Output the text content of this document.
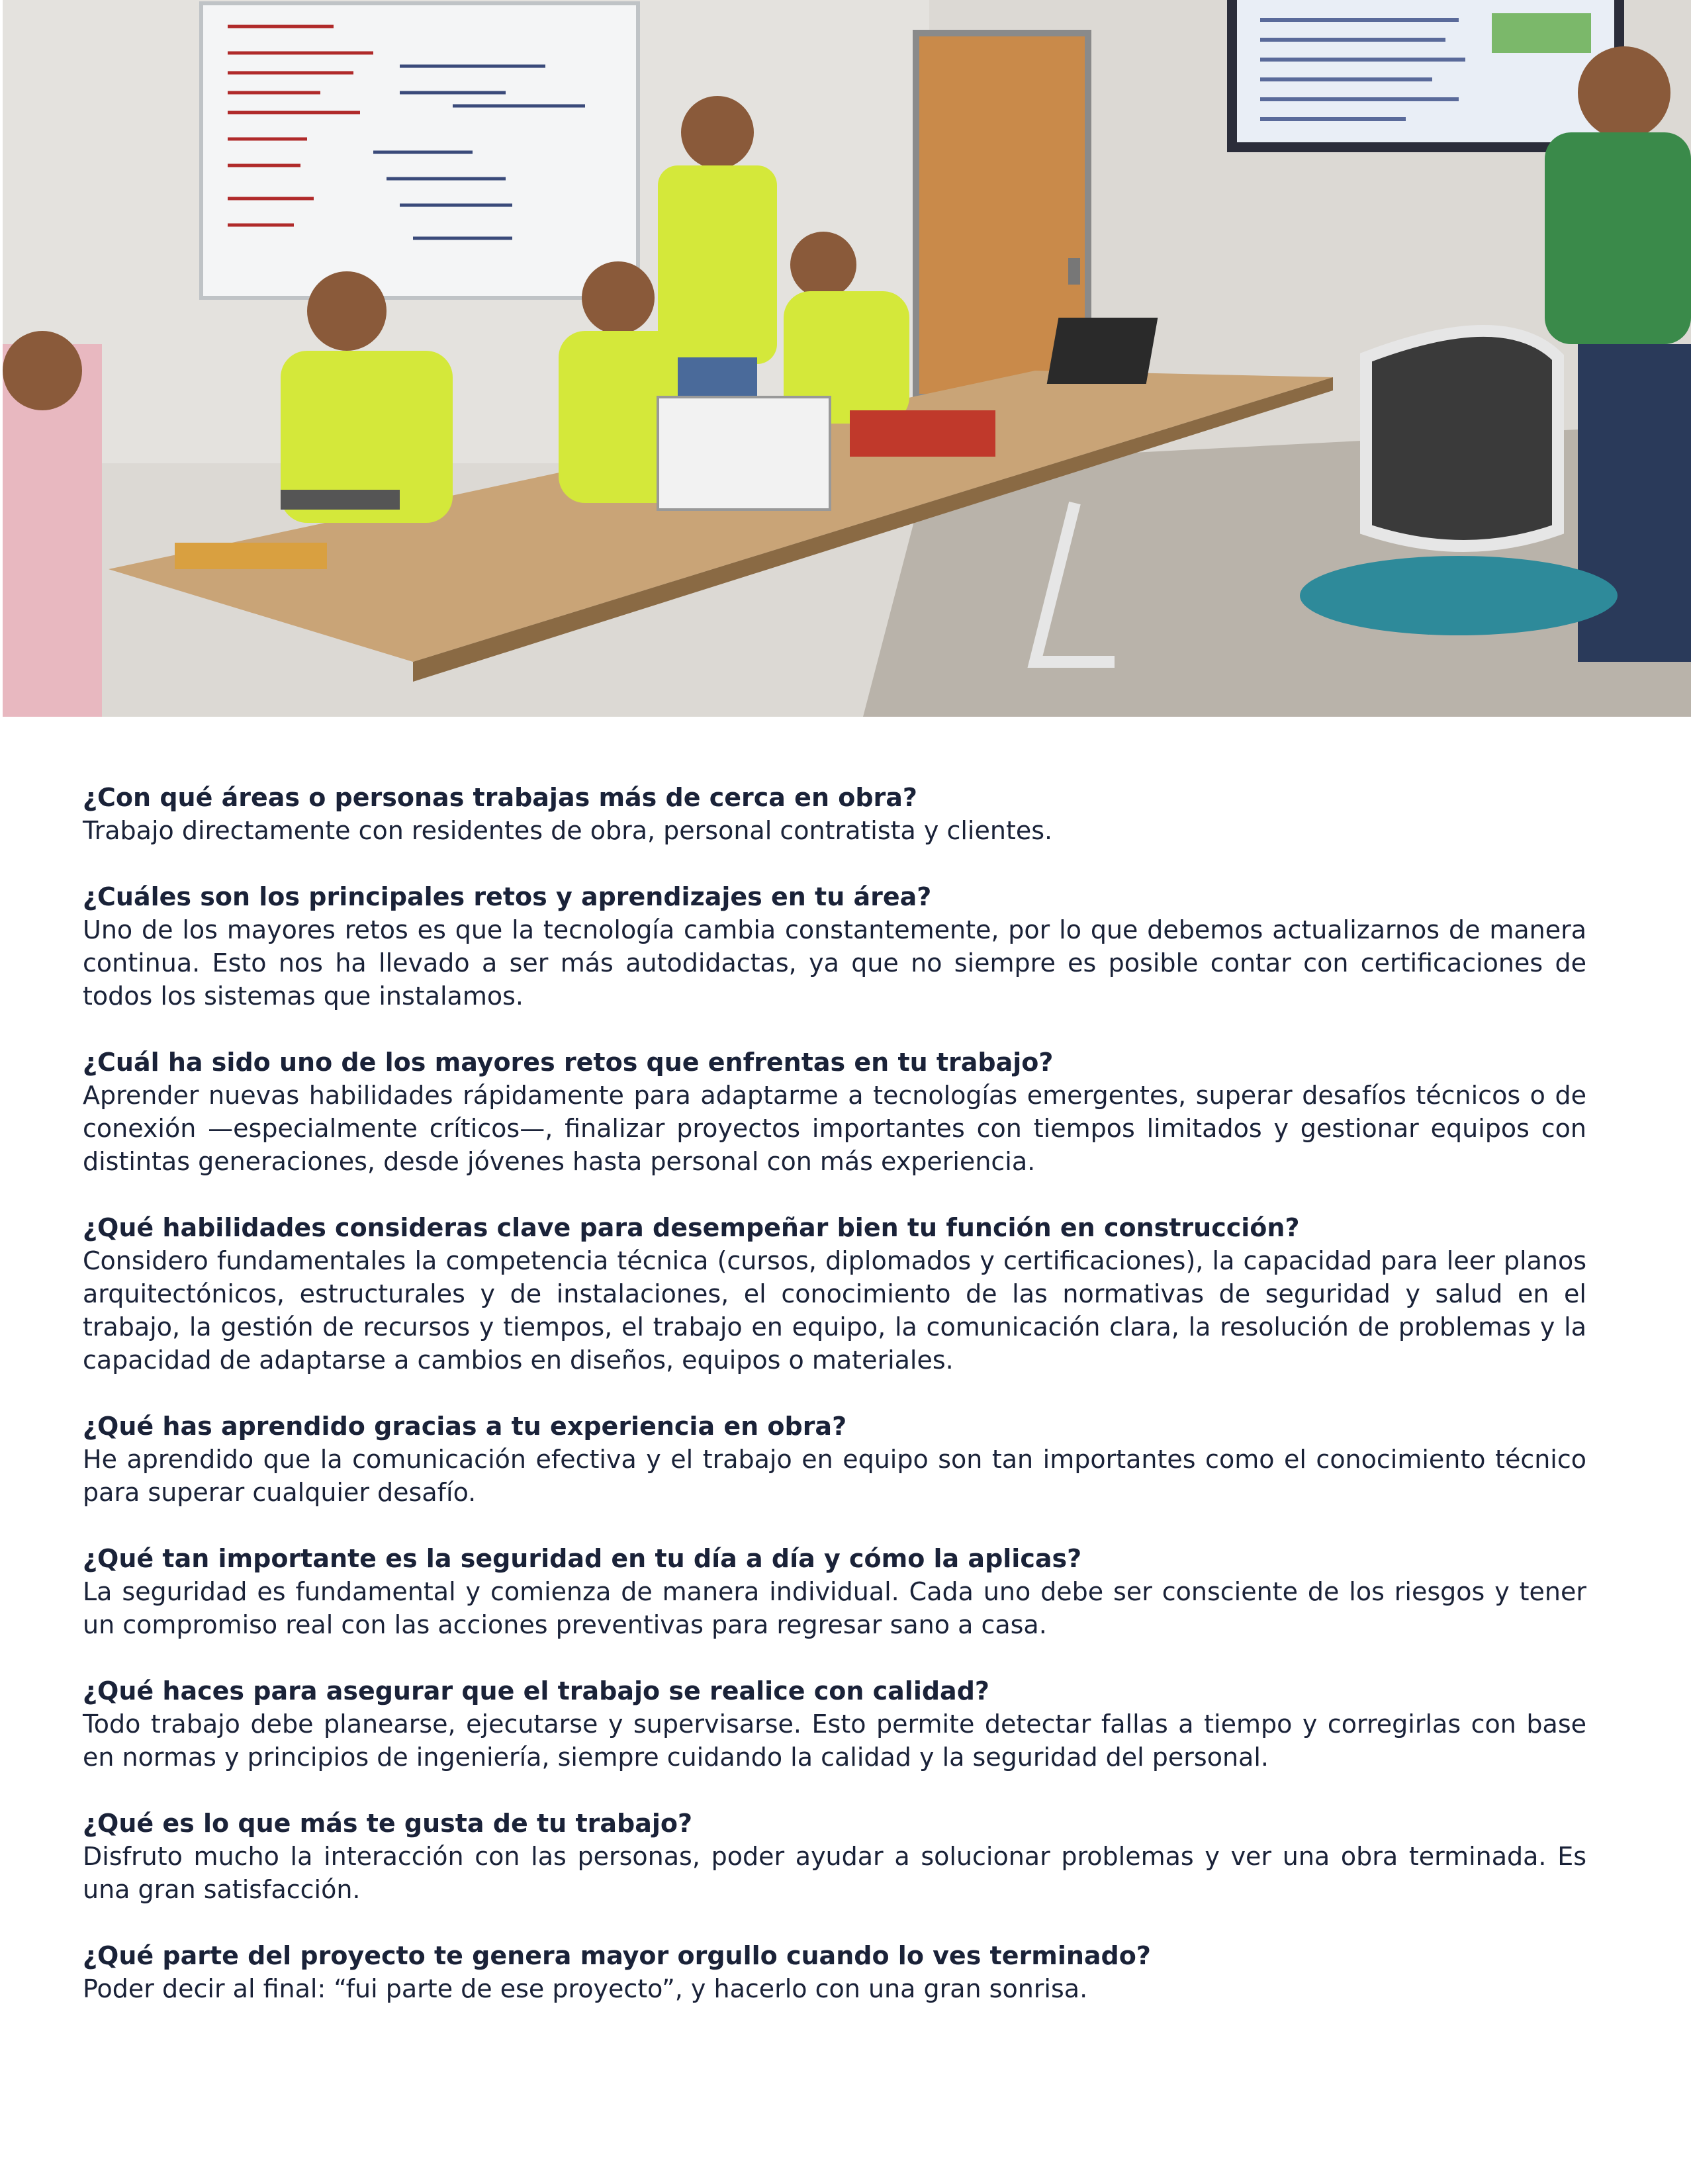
¿Con qué áreas o personas trabajas más de cerca en obra?

Trabajo directamente con residentes de obra, personal contratista y clientes.

¿Cuáles son los principales retos y aprendizajes en tu área?

Uno de los mayores retos es que la tecnología cambia constantemente, por lo que debemos actualizarnos de manera continua. Esto nos ha llevado a ser más autodidactas, ya que no siempre es posible contar con certificaciones de todos los sistemas que instalamos.

¿Cuál ha sido uno de los mayores retos que enfrentas en tu trabajo?

Aprender nuevas habilidades rápidamente para adaptarme a tecnologías emergentes, superar desafíos técnicos o de conexión —especialmente críticos—, finalizar proyectos importantes con tiempos limitados y gestionar equipos con distintas generaciones, desde jóvenes hasta personal con más experiencia.

¿Qué habilidades consideras clave para desempeñar bien tu función en construcción?

Considero fundamentales la competencia técnica (cursos, diplomados y certificaciones), la capacidad para leer planos arquitectónicos, estructurales y de instalaciones, el conocimiento de las normativas de seguridad y salud en el trabajo, la gestión de recursos y tiempos, el trabajo en equipo, la comunicación clara, la resolución de problemas y la capacidad de adaptarse a cambios en diseños, equipos o materiales.

¿Qué has aprendido gracias a tu experiencia en obra?

He aprendido que la comunicación efectiva y el trabajo en equipo son tan importantes como el conocimiento técnico para superar cualquier desafío.

¿Qué tan importante es la seguridad en tu día a día y cómo la aplicas?

La seguridad es fundamental y comienza de manera individual. Cada uno debe ser consciente de los riesgos y tener un compromiso real con las acciones preventivas para regresar sano a casa.

¿Qué haces para asegurar que el trabajo se realice con calidad?

Todo trabajo debe planearse, ejecutarse y supervisarse. Esto permite detectar fallas a tiempo y corregirlas con base en normas y principios de ingeniería, siempre cuidando la calidad y la seguridad del personal.

¿Qué es lo que más te gusta de tu trabajo?

Disfruto mucho la interacción con las personas, poder ayudar a solucionar problemas y ver una obra terminada. Es una gran satisfacción.

¿Qué parte del proyecto te genera mayor orgullo cuando lo ves terminado?

Poder decir al final: “fui parte de ese proyecto”, y hacerlo con una gran sonrisa.
